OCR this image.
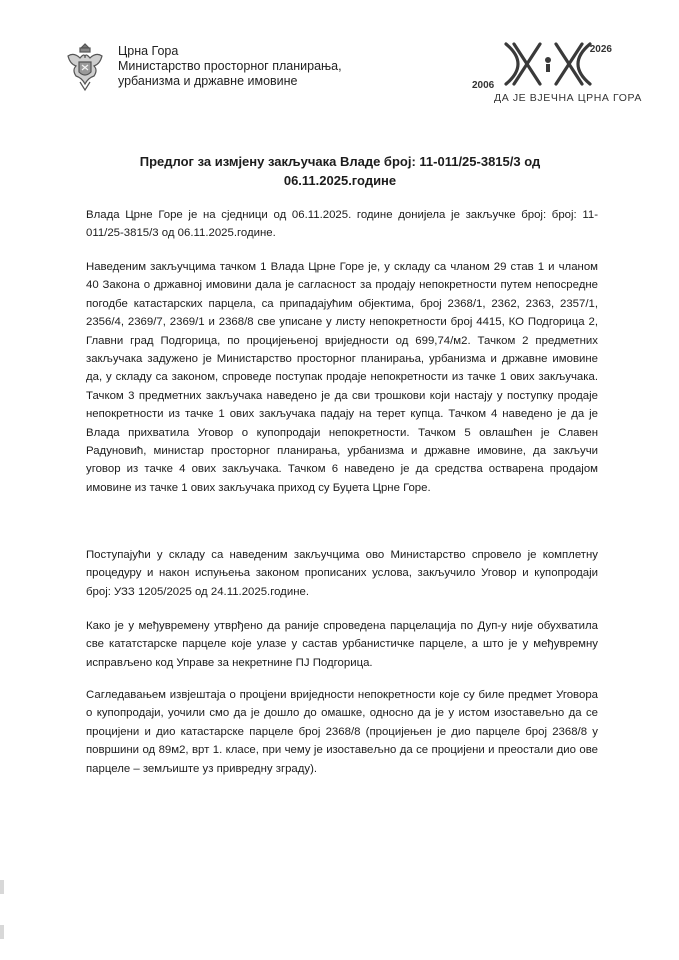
Црна Гора
Министарство просторног планирања,
урбанизма и државне имовине
2026
2006
ДА ЈЕ ВЈЕЧНА ЦРНА ГОРА
Предлог за измјену закључака Владе број: 11-011/25-3815/3 од
06.11.2025.године
Влада Црне Горе је на сједници од 06.11.2025. године донијела је закључке број: број: 11-011/25-3815/3 од 06.11.2025.године.
Наведеним закључцима тачком 1 Влада Црне Горе је, у складу са чланом 29 став 1 и чланом 40 Закона о државној имовини дала је сагласност за продају непокретности путем непосредне погодбе катастарских парцела, са припадајућим објектима, број 2368/1, 2362, 2363, 2357/1, 2356/4, 2369/7, 2369/1 и 2368/8 све уписане у листу непокретности број 4415, КО Подгорица 2, Главни град Подгорица, по процијењеној вриједности од 699,74/м2. Тачком 2 предметних закључака задужено је Министарство просторног планирања, урбанизма и државне имовине да, у складу са законом, спроведе поступак продаје непокретности из тачке 1 ових закључака. Тачком 3 предметних закључака наведено је да сви трошкови који настају у поступку продаје непокретности из тачке 1 ових закључака падају на терет купца. Тачком 4 наведено је да је Влада прихватила Уговор о купопродаји непокретности. Тачком 5 овлашћен је Славен Радуновић, министар просторног планирања, урбанизма и државне имовине, да закључи уговор из тачке 4 ових закључака. Тачком 6 наведено је да средства остварена продајом имовине из тачке 1 ових закључака приход су Буџета Црне Горе.
Поступајући у складу са наведеним закључцима ово Министарство спровело је комплетну процедуру и након испуњења законом прописаних услова, закључило Уговор и купопродаји број: УЗЗ 1205/2025 од 24.11.2025.године.
Како је у међувремену утврђено да раније спроведена парцелација по Дуп-у није обухватила све кататстарске парцеле које улазе у састав урбанистичке парцеле, а што је у међувремну исправљено код Управе за некретнине ПЈ Подгорица.
Сагледавањем извјештаја о процјени вриједности непокретности које су биле предмет Уговора о купопродаји, уочили смо да је дошло до омашке, односно да је у истом изоставељно да се процијени и дио катастарске парцеле број 2368/8 (процијењен је дио парцеле број 2368/8 у површини од 89м2, врт 1. класе, при чему је изоставељно да се процијени и преостали дио ове парцеле – земљиште уз привредну зграду).
